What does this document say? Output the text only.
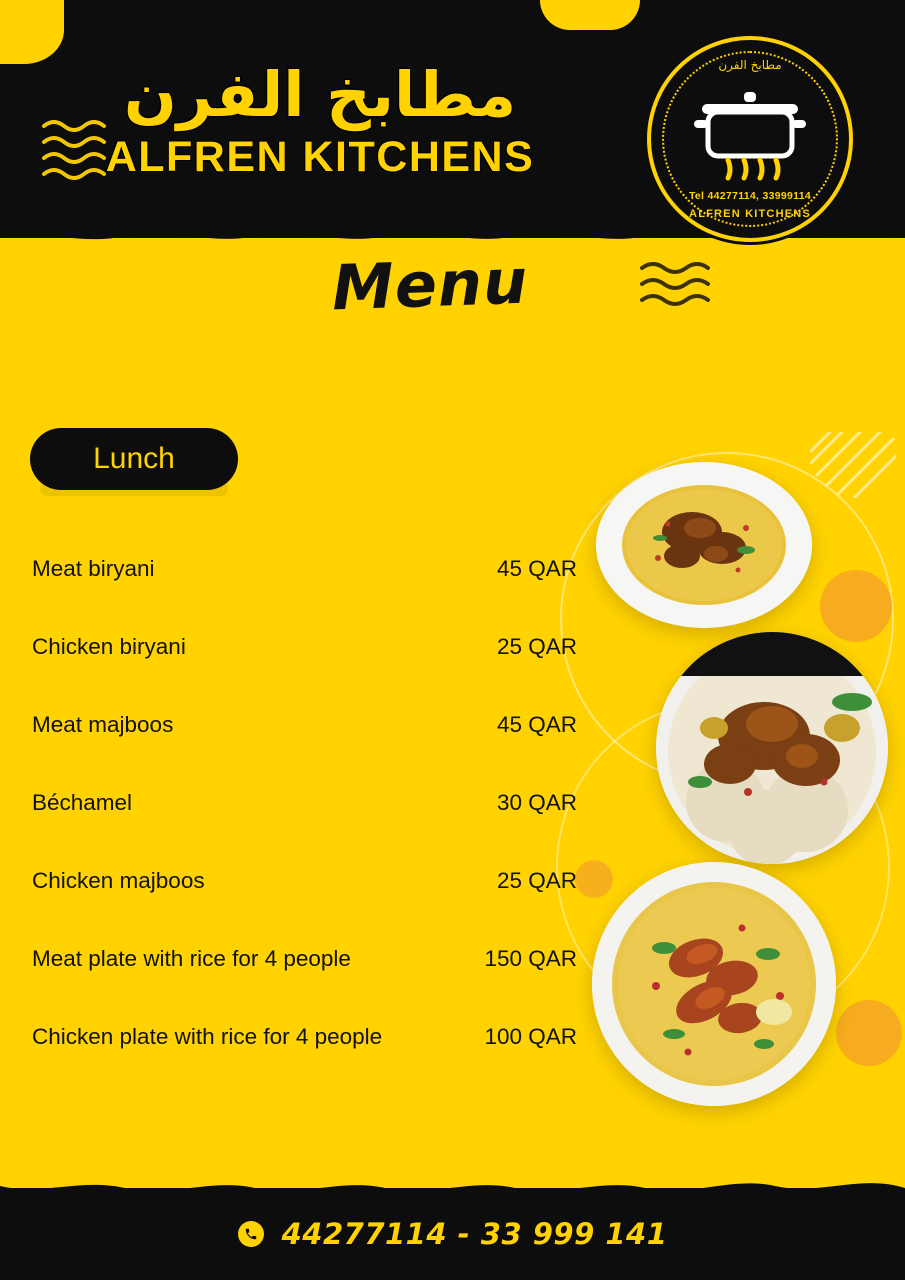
مطابخ الفرن
ALFREN KITCHENS
Menu
مطابخ الفرن
Tel 44277114, 33999114
ALFREN KITCHENS
Lunch
Meat biryani	45 QAR
Chicken biryani	25 QAR
Meat majboos	45 QAR
Béchamel	30 QAR
Chicken majboos	25 QAR
Meat plate with rice for 4 people	150 QAR
Chicken plate with rice for 4 people	100 QAR
44277114 - 33 999 141
